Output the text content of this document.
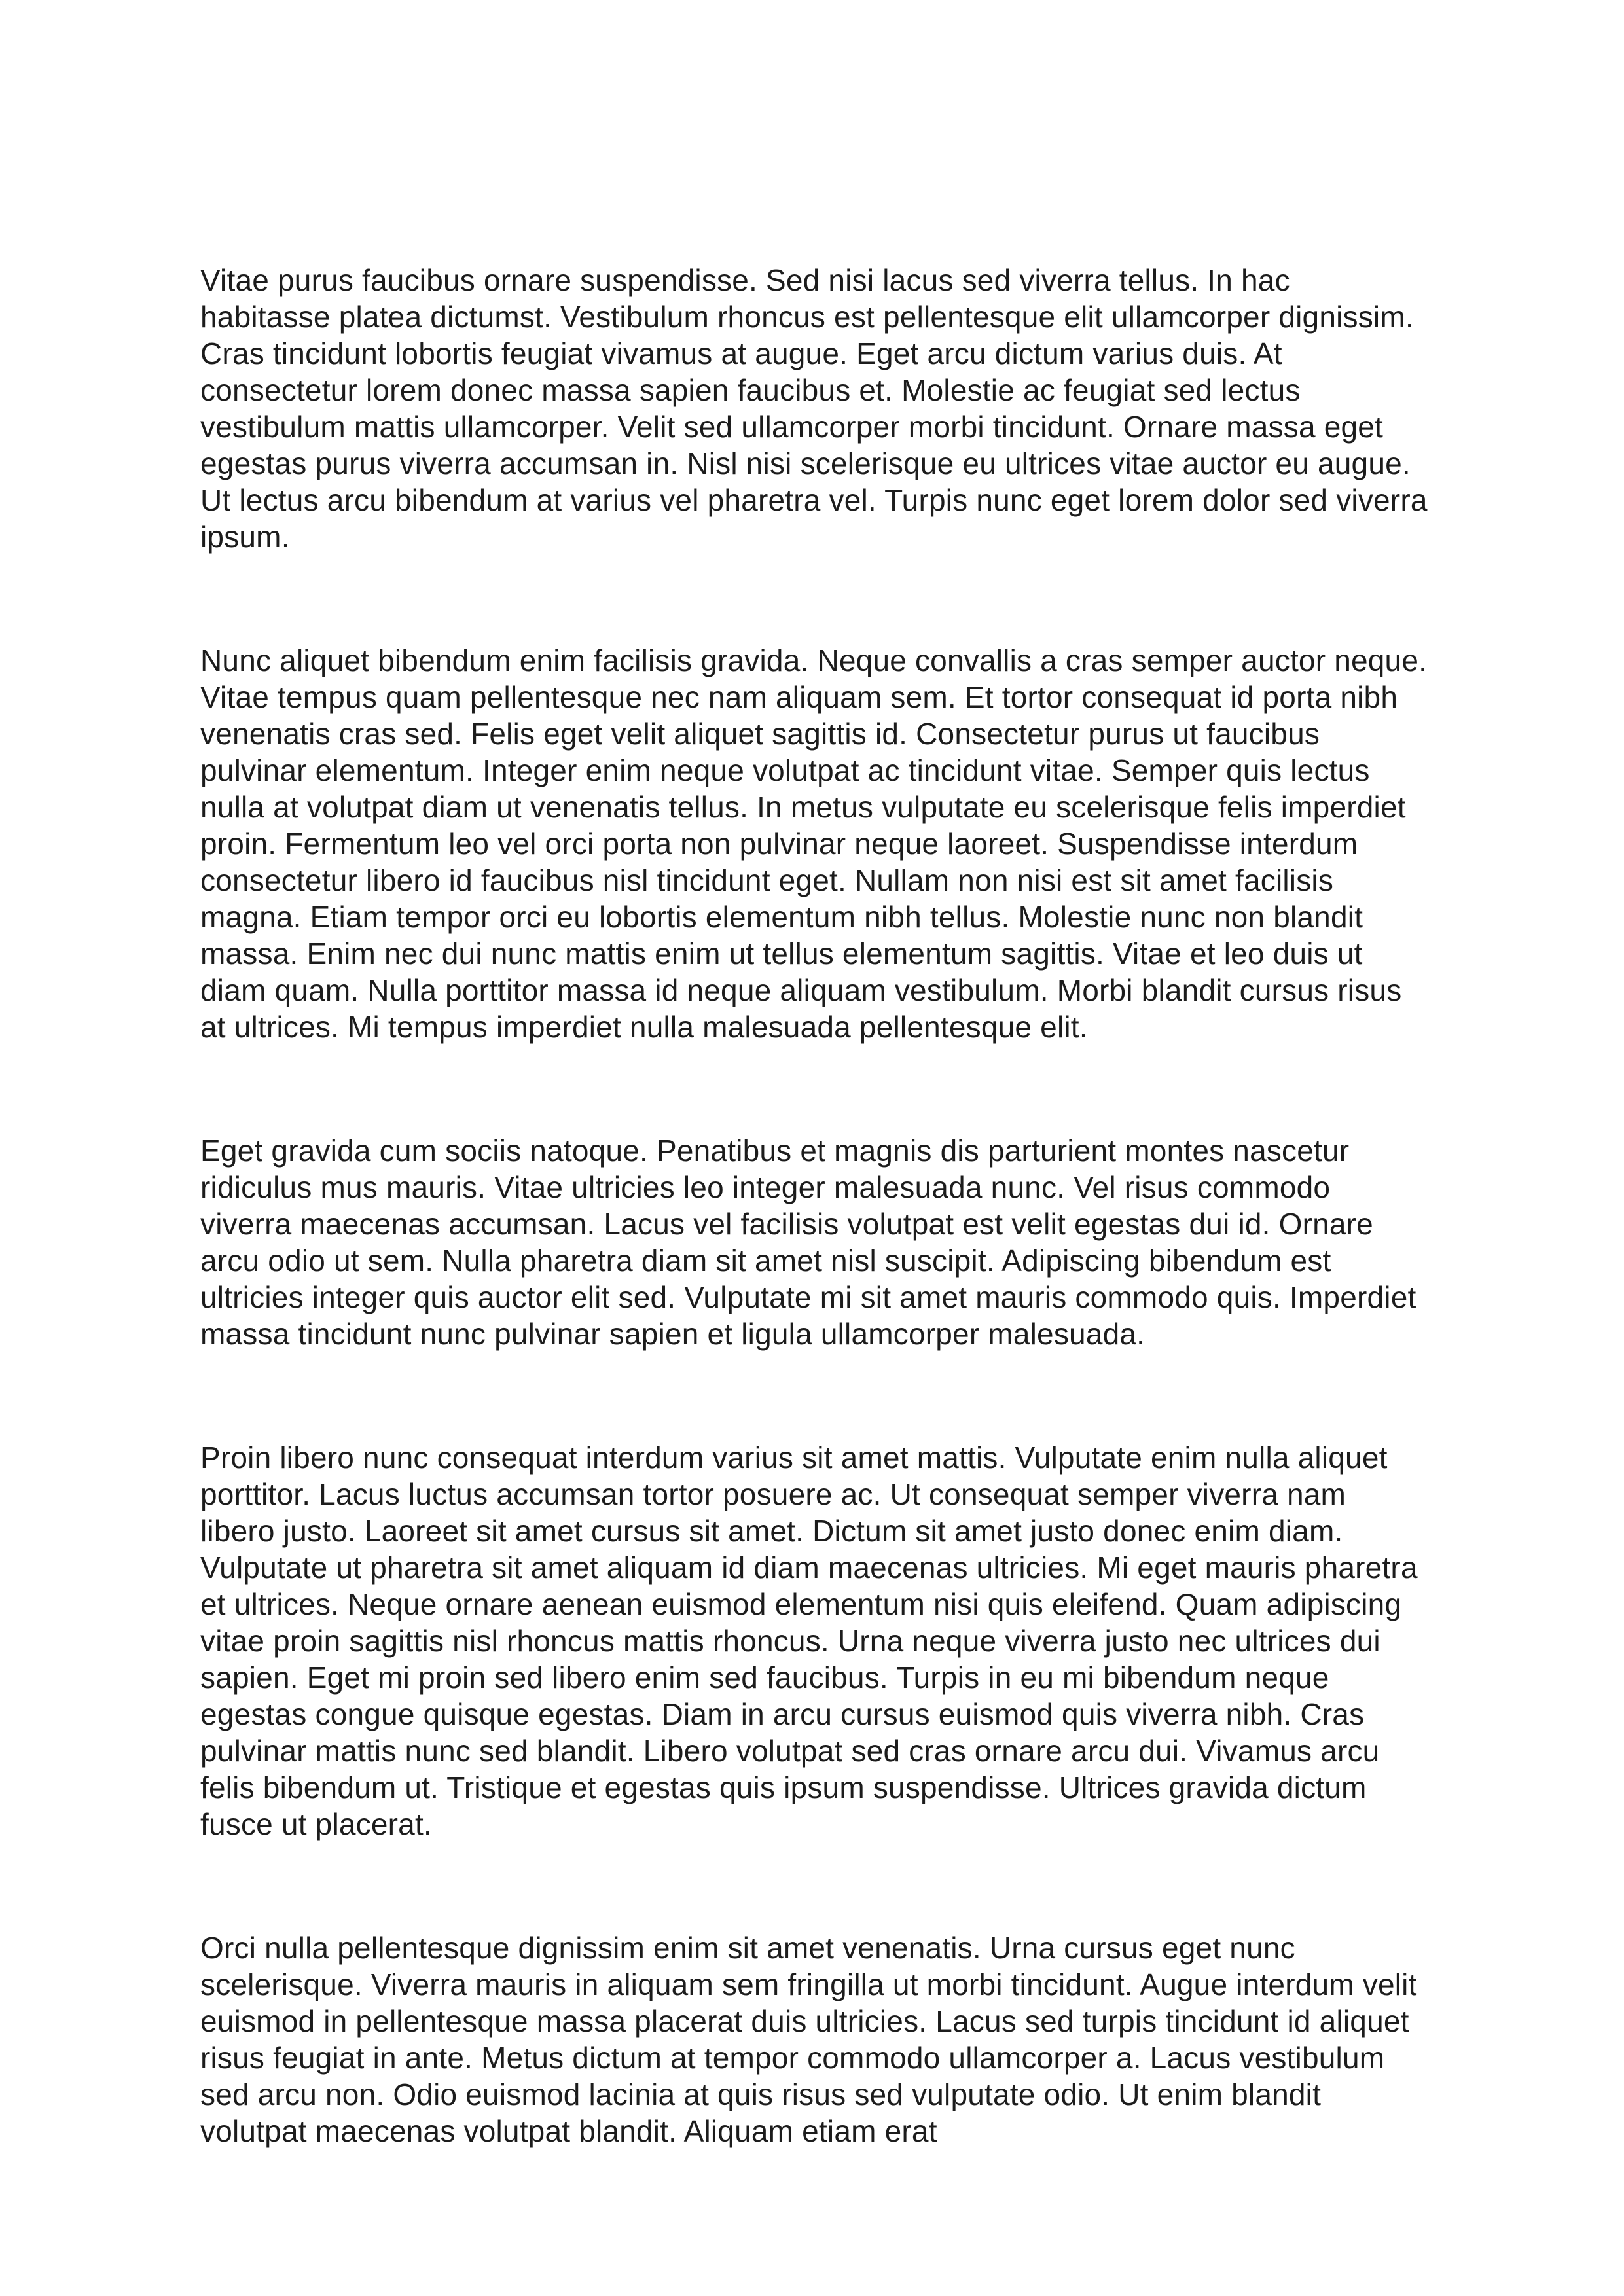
Vitae purus faucibus ornare suspendisse. Sed nisi lacus sed viverra tellus. In hac habitasse platea dictumst. Vestibulum rhoncus est pellentesque elit ullamcorper dignissim. Cras tincidunt lobortis feugiat vivamus at augue. Eget arcu dictum varius duis. At consectetur lorem donec massa sapien faucibus et. Molestie ac feugiat sed lectus vestibulum mattis ullamcorper. Velit sed ullamcorper morbi tincidunt. Ornare massa eget egestas purus viverra accumsan in. Nisl nisi scelerisque eu ultrices vitae auctor eu augue. Ut lectus arcu bibendum at varius vel pharetra vel. Turpis nunc eget lorem dolor sed viverra ipsum.

Nunc aliquet bibendum enim facilisis gravida. Neque convallis a cras semper auctor neque. Vitae tempus quam pellentesque nec nam aliquam sem. Et tortor consequat id porta nibh venenatis cras sed. Felis eget velit aliquet sagittis id. Consectetur purus ut faucibus pulvinar elementum. Integer enim neque volutpat ac tincidunt vitae. Semper quis lectus nulla at volutpat diam ut venenatis tellus. In metus vulputate eu scelerisque felis imperdiet proin. Fermentum leo vel orci porta non pulvinar neque laoreet. Suspendisse interdum consectetur libero id faucibus nisl tincidunt eget. Nullam non nisi est sit amet facilisis magna. Etiam tempor orci eu lobortis elementum nibh tellus. Molestie nunc non blandit massa. Enim nec dui nunc mattis enim ut tellus elementum sagittis. Vitae et leo duis ut diam quam. Nulla porttitor massa id neque aliquam vestibulum. Morbi blandit cursus risus at ultrices. Mi tempus imperdiet nulla malesuada pellentesque elit.

Eget gravida cum sociis natoque. Penatibus et magnis dis parturient montes nascetur ridiculus mus mauris. Vitae ultricies leo integer malesuada nunc. Vel risus commodo viverra maecenas accumsan. Lacus vel facilisis volutpat est velit egestas dui id. Ornare arcu odio ut sem. Nulla pharetra diam sit amet nisl suscipit. Adipiscing bibendum est ultricies integer quis auctor elit sed. Vulputate mi sit amet mauris commodo quis. Imperdiet massa tincidunt nunc pulvinar sapien et ligula ullamcorper malesuada.

Proin libero nunc consequat interdum varius sit amet mattis. Vulputate enim nulla aliquet porttitor. Lacus luctus accumsan tortor posuere ac. Ut consequat semper viverra nam libero justo. Laoreet sit amet cursus sit amet. Dictum sit amet justo donec enim diam. Vulputate ut pharetra sit amet aliquam id diam maecenas ultricies. Mi eget mauris pharetra et ultrices. Neque ornare aenean euismod elementum nisi quis eleifend. Quam adipiscing vitae proin sagittis nisl rhoncus mattis rhoncus. Urna neque viverra justo nec ultrices dui sapien. Eget mi proin sed libero enim sed faucibus. Turpis in eu mi bibendum neque egestas congue quisque egestas. Diam in arcu cursus euismod quis viverra nibh. Cras pulvinar mattis nunc sed blandit. Libero volutpat sed cras ornare arcu dui. Vivamus arcu felis bibendum ut. Tristique et egestas quis ipsum suspendisse. Ultrices gravida dictum fusce ut placerat.

Orci nulla pellentesque dignissim enim sit amet venenatis. Urna cursus eget nunc scelerisque. Viverra mauris in aliquam sem fringilla ut morbi tincidunt. Augue interdum velit euismod in pellentesque massa placerat duis ultricies. Lacus sed turpis tincidunt id aliquet risus feugiat in ante. Metus dictum at tempor commodo ullamcorper a. Lacus vestibulum sed arcu non. Odio euismod lacinia at quis risus sed vulputate odio. Ut enim blandit volutpat maecenas volutpat blandit. Aliquam etiam erat
